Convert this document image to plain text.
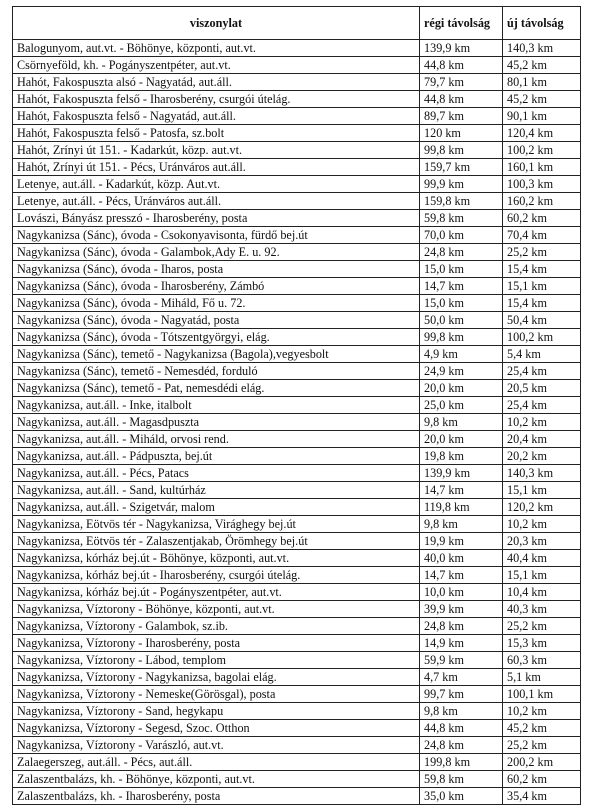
viszonylat	régi távolság	új távolság
Balogunyom, aut.vt. - Böhönye, központi, aut.vt.	139,9 km	140,3 km
Csörnyeföld, kh. - Pogányszentpéter, aut.vt.	44,8 km	45,2 km
Hahót, Fakospuszta alsó - Nagyatád, aut.áll.	79,7 km	80,1 km
Hahót, Fakospuszta felső - Iharosberény, csurgói útelág.	44,8 km	45,2 km
Hahót, Fakospuszta felső - Nagyatád, aut.áll.	89,7 km	90,1 km
Hahót, Fakospuszta felső - Patosfa, sz.bolt	120 km	120,4 km
Hahót, Zrínyi út 151. - Kadarkút, közp. aut.vt.	99,8 km	100,2 km
Hahót, Zrínyi út 151. - Pécs, Uránváros aut.áll.	159,7 km	160,1 km
Letenye, aut.áll. - Kadarkút, közp. Aut.vt.	99,9 km	100,3 km
Letenye, aut.áll. - Pécs, Uránváros aut.áll.	159,8 km	160,2 km
Lovászi, Bányász presszó - Iharosberény, posta	59,8 km	60,2 km
Nagykanizsa (Sánc), óvoda - Csokonyavisonta, fürdő bej.út	70,0 km	70,4 km
Nagykanizsa (Sánc), óvoda - Galambok,Ady E. u. 92.	24,8 km	25,2 km
Nagykanizsa (Sánc), óvoda - Iharos, posta	15,0 km	15,4 km
Nagykanizsa (Sánc), óvoda - Iharosberény, Zámbó	14,7 km	15,1 km
Nagykanizsa (Sánc), óvoda - Miháld, Fő u. 72.	15,0 km	15,4 km
Nagykanizsa (Sánc), óvoda - Nagyatád, posta	50,0 km	50,4 km
Nagykanizsa (Sánc), óvoda - Tótszentgyörgyi, elág.	99,8 km	100,2 km
Nagykanizsa (Sánc), temető - Nagykanizsa (Bagola),vegyesbolt	4,9 km	5,4 km
Nagykanizsa (Sánc), temető - Nemesdéd, forduló	24,9 km	25,4 km
Nagykanizsa (Sánc), temető - Pat, nemesdédi elág.	20,0 km	20,5 km
Nagykanizsa, aut.áll. - Inke, italbolt	25,0 km	25,4 km
Nagykanizsa, aut.áll. - Magasdpuszta	9,8 km	10,2 km
Nagykanizsa, aut.áll. - Miháld, orvosi rend.	20,0 km	20,4 km
Nagykanizsa, aut.áll. - Pádpuszta, bej.út	19,8 km	20,2 km
Nagykanizsa, aut.áll. - Pécs, Patacs	139,9 km	140,3 km
Nagykanizsa, aut.áll. - Sand, kultúrház	14,7 km	15,1 km
Nagykanizsa, aut.áll. - Szigetvár, malom	119,8 km	120,2 km
Nagykanizsa, Eötvös tér - Nagykanizsa, Virághegy bej.út	9,8 km	10,2 km
Nagykanizsa, Eötvös tér - Zalaszentjakab, Örömhegy bej.út	19,9 km	20,3 km
Nagykanizsa, kórház bej.út - Böhönye, központi, aut.vt.	40,0 km	40,4 km
Nagykanizsa, kórház bej.út - Iharosberény, csurgói útelág.	14,7 km	15,1 km
Nagykanizsa, kórház bej.út - Pogányszentpéter, aut.vt.	10,0 km	10,4 km
Nagykanizsa, Víztorony - Böhönye, központi, aut.vt.	39,9 km	40,3 km
Nagykanizsa, Víztorony - Galambok, sz.ib.	24,8 km	25,2 km
Nagykanizsa, Víztorony - Iharosberény, posta	14,9 km	15,3 km
Nagykanizsa, Víztorony - Lábod, templom	59,9 km	60,3 km
Nagykanizsa, Víztorony - Nagykanizsa, bagolai elág.	4,7 km	5,1 km
Nagykanizsa, Víztorony - Nemeske(Görösgal), posta	99,7 km	100,1 km
Nagykanizsa, Víztorony - Sand, hegykapu	9,8 km	10,2 km
Nagykanizsa, Víztorony - Segesd, Szoc. Otthon	44,8 km	45,2 km
Nagykanizsa, Víztorony - Varászló, aut.vt.	24,8 km	25,2 km
Zalaegerszeg, aut.áll. - Pécs, aut.áll.	199,8 km	200,2 km
Zalaszentbalázs, kh. - Böhönye, központi, aut.vt.	59,8 km	60,2 km
Zalaszentbalázs, kh. - Iharosberény, posta	35,0 km	35,4 km
